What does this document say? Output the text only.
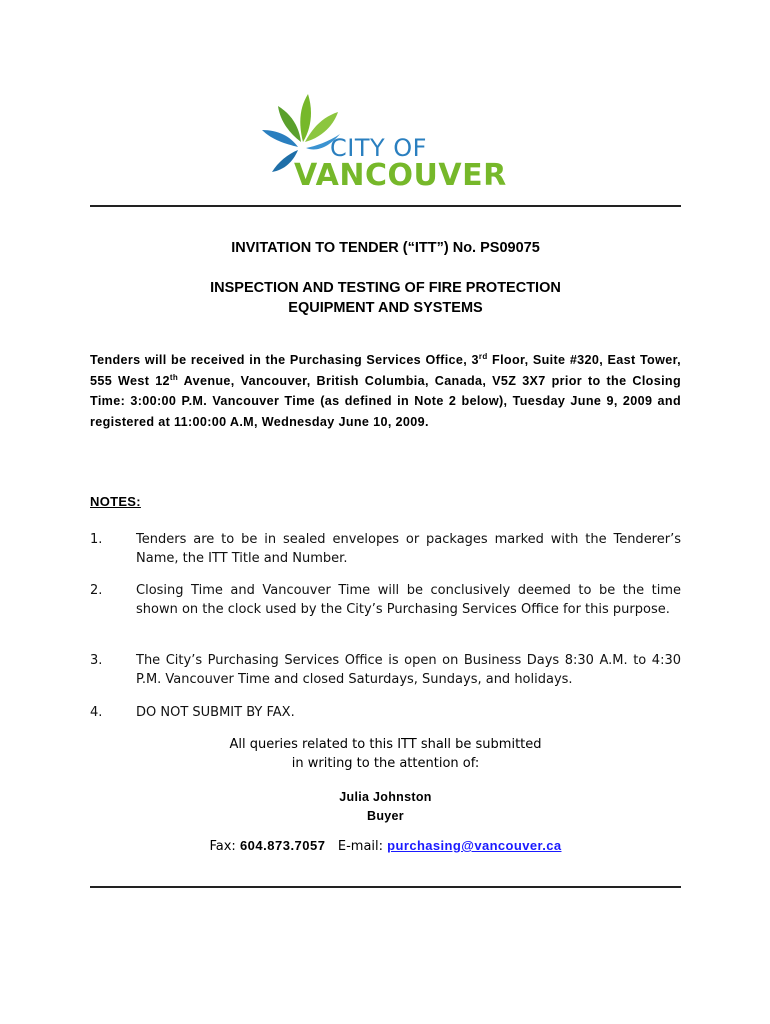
CITY OF
VANCOUVER
INVITATION TO TENDER (“ITT”) No. PS09075
INSPECTION AND TESTING OF FIRE PROTECTION
EQUIPMENT AND SYSTEMS
Tenders will be received in the Purchasing Services Office, 3rd Floor, Suite #320, East Tower, 555 West 12th Avenue, Vancouver, British Columbia, Canada, V5Z 3X7 prior to the Closing Time: 3:00:00 P.M. Vancouver Time (as defined in Note 2 below), Tuesday June 9, 2009 and registered at 11:00:00 A.M, Wednesday June 10, 2009.
NOTES:
1.	Tenders are to be in sealed envelopes or packages marked with the Tenderer’s Name, the ITT Title and Number.
2.	Closing Time and Vancouver Time will be conclusively deemed to be the time shown on the clock used by the City’s Purchasing Services Office for this purpose.
3.	The City’s Purchasing Services Office is open on Business Days 8:30 A.M. to 4:30 P.M. Vancouver Time and closed Saturdays, Sundays, and holidays.
4.	DO NOT SUBMIT BY FAX.
All queries related to this ITT shall be submitted
in writing to the attention of:
Julia Johnston
Buyer
Fax: 604.873.7057 E-mail: purchasing@vancouver.ca
